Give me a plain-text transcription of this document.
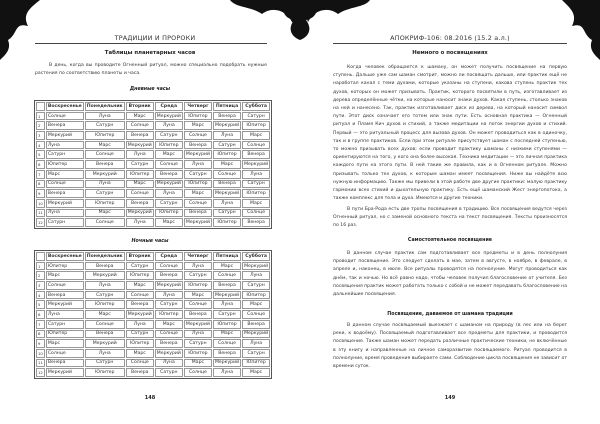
ТРАДИЦИИ И ПРОРОКИ
Таблицы планетарных часов
В день, когда вы проводите Огненный ритуал, можно специально подобрать нужные растения по соответствию планеты и часа.
Дневные часы
	Воскресенье	Понедельник	Вторник	Среда	Четверг	Пятница	Суббота
1	Солнце	Луна	Марс	Меркурий	Юпитер	Венера	Сатурн
2	Венера	Сатурн	Солнце	Луна	Марс	Меркурий	Юпитер
3	Меркурий	Юпитер	Венера	Сатурн	Солнце	Луна	Марс
4	Луна	Марс	Меркурий	Юпитер	Венера	Сатурн	Солнце
5	Сатурн	Солнце	Луна	Марс	Меркурий	Юпитер	Венера
6	Юпитер	Венера	Сатурн	Солнце	Луна	Марс	Меркурий
7	Марс	Меркурий	Юпитер	Венера	Сатурн	Солнце	Луна
8	Солнце	Луна	Марс	Меркурий	Юпитер	Венера	Сатурн
9	Венера	Сатурн	Солнце	Луна	Марс	Меркурий	Юпитер
10	Меркурий	Юпитер	Венера	Сатурн	Солнце	Луна	Марс
11	Луна	Марс	Меркурий	Юпитер	Венера	Сатурн	Солнце
12	Сатурн	Солнце	Луна	Марс	Меркурий	Юпитер	Венера
Ночные часы
	Воскресенье	Понедельник	Вторник	Среда	Четверг	Пятница	Суббота
1	Юпитер	Венера	Сатурн	Солнце	Луна	Марс	Меркурий
2	Марс	Меркурий	Юпитер	Венера	Сатурн	Солнце	Луна
3	Солнце	Луна	Марс	Меркурий	Юпитер	Венера	Сатурн
4	Венера	Сатурн	Солнце	Луна	Марс	Меркурий	Юпитер
5	Меркурий	Юпитер	Венера	Сатурн	Солнце	Луна	Марс
6	Луна	Марс	Меркурий	Юпитер	Венера	Сатурн	Солнце
7	Сатурн	Солнце	Луна	Марс	Меркурий	Юпитер	Венера
8	Юпитер	Венера	Сатурн	Солнце	Луна	Марс	Меркурий
9	Марс	Меркурий	Юпитер	Венера	Сатурн	Солнце	Луна
10	Солнце	Луна	Марс	Меркурий	Юпитер	Венера	Сатурн
11	Венера	Сатурн	Солнце	Луна	Марс	Меркурий	Юпитер
12	Меркурий	Юпитер	Венера	Сатурн	Солнце	Луна	Марс
148
АПОКРИФ-106: 08.2016 (15.2 а.л.)
Немного о посвящениях
Когда человек обращается к шаману, он может получить посвящение на первую ступень. Дальше уже сам шаман смотрит, можно ли посвящать дальше, или практик ещё не наработал канал с теми духами, которые указаны на ступени, какова ступень практик тех духов, которых он может призывать. Практик, которого посвятили в путь, изготавливает из дерева определённые чётки, на которые наносит знаки духов. Какая ступень, столько знаков на ней и нанесено. Так, практик изготавливает диск из дерева, на который наносит символ пути. Этот диск означает его тотем или знак пути. Есть основная практика — Огненный ритуал и Пламя Кич духов и стихий, а также медитации на поток энергии духов и стихий. Первый — это ритуальный процесс для вызова духов. Он может проводиться как в одиночку, так и в группе практиков. Если при этом ритуале присутствует шаман с последней ступенью, то можно призывать всех духов; если проводит практику шаманы с низкими ступенями — ориентируются на того, у кого она более высокая. Техника медитации — это личная практика каждого пути на этого пути. В ней такие же правила, как и в Огненном ритуале. Можно призывать только тех духов, к которым шаман имеет посвящения. Ниже вы найдёте всю нужную информацию. Также мы привели в этой работе две другие практики: малую практику гармонии всех стихий и дыхательную практику. Есть ещё шаманский Жест энергопотока, а также комплекс для тела и духа. Имеются и другие техники.
В пути Бра-Рода есть две тропы посвящения в традицию. Все посвящения ведутся через Огненный ритуал, но с заменой основного текста на текст посвящения. Тексты произносятся по 16 раз.
Самостоятельное посвящение
В данном случае практик сам подготавливает все предметы и в день полнолуния проводит посвящение. Это следует сделать в мае, затем в августе, в ноябре, в феврале, в апреле и, наконец, в июле. Все ритуалы проводятся на полнолуние. Могут проводиться как днём, так и ночью. Но всё равно надо, чтобы человек получил благословение от учителя. Без посвящения практик может работать только с собой и не может передавать благословение на дальнейшие посвящения.
Посвящение, даваемое от шамана традиции
В данном случае посвящаемый выезжает с шаманом на природу (в лес или на берег реки, к водоёму). Посвящаемый подготавливает все предметы для практики, и проводится посвящение. Также шаман может передать различные практические техники, не включённые в эту книгу и направленные на личное саморазвитие посвящаемого. Ритуал проводится в полнолуние, время проведения выбираете сами. Соблюдение цикла посвящения не зависит от времени суток.
149
